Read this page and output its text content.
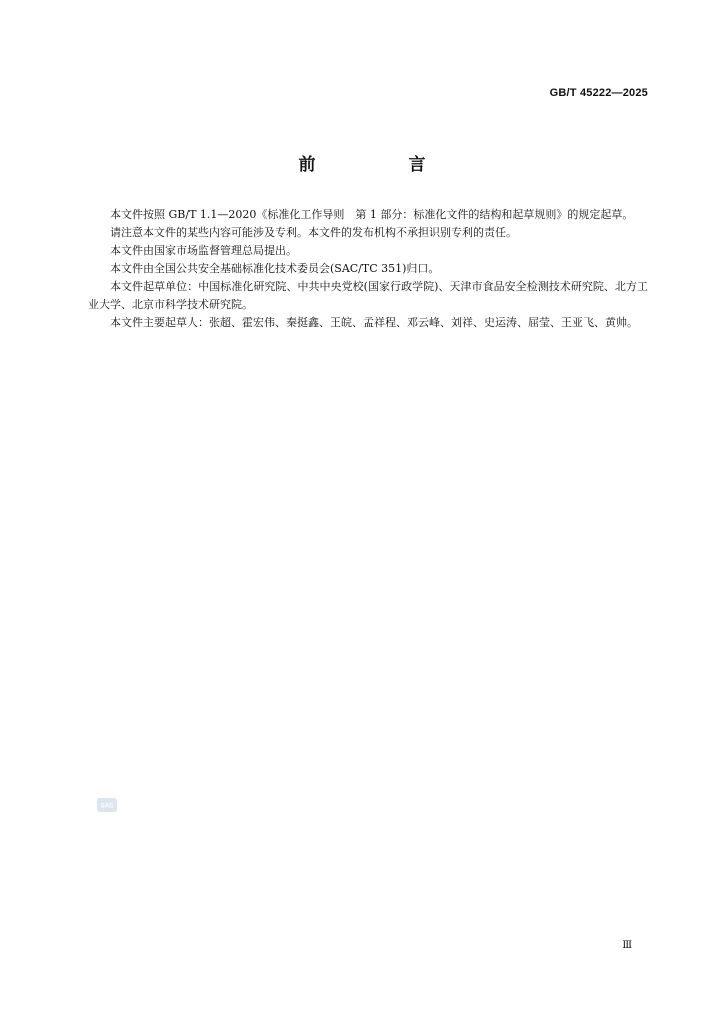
GB/T 45222—2025
前　言

本文件按照 GB/T 1.1—2020《标准化工作导则　第 1 部分：标准化文件的结构和起草规则》的规定起草。

请注意本文件的某些内容可能涉及专利。本文件的发布机构不承担识别专利的责任。

本文件由国家市场监督管理总局提出。

本文件由全国公共安全基础标准化技术委员会(SAC/TC 351)归口。

本文件起草单位：中国标准化研究院、中共中央党校(国家行政学院)、天津市食品安全检测技术研究院、北方工业大学、北京市科学技术研究院。

本文件主要起草人：张超、霍宏伟、秦挺鑫、王皖、孟祥程、邓云峰、刘祥、史运涛、屈莹、王亚飞、黄帅。

SAC
Ⅲ
